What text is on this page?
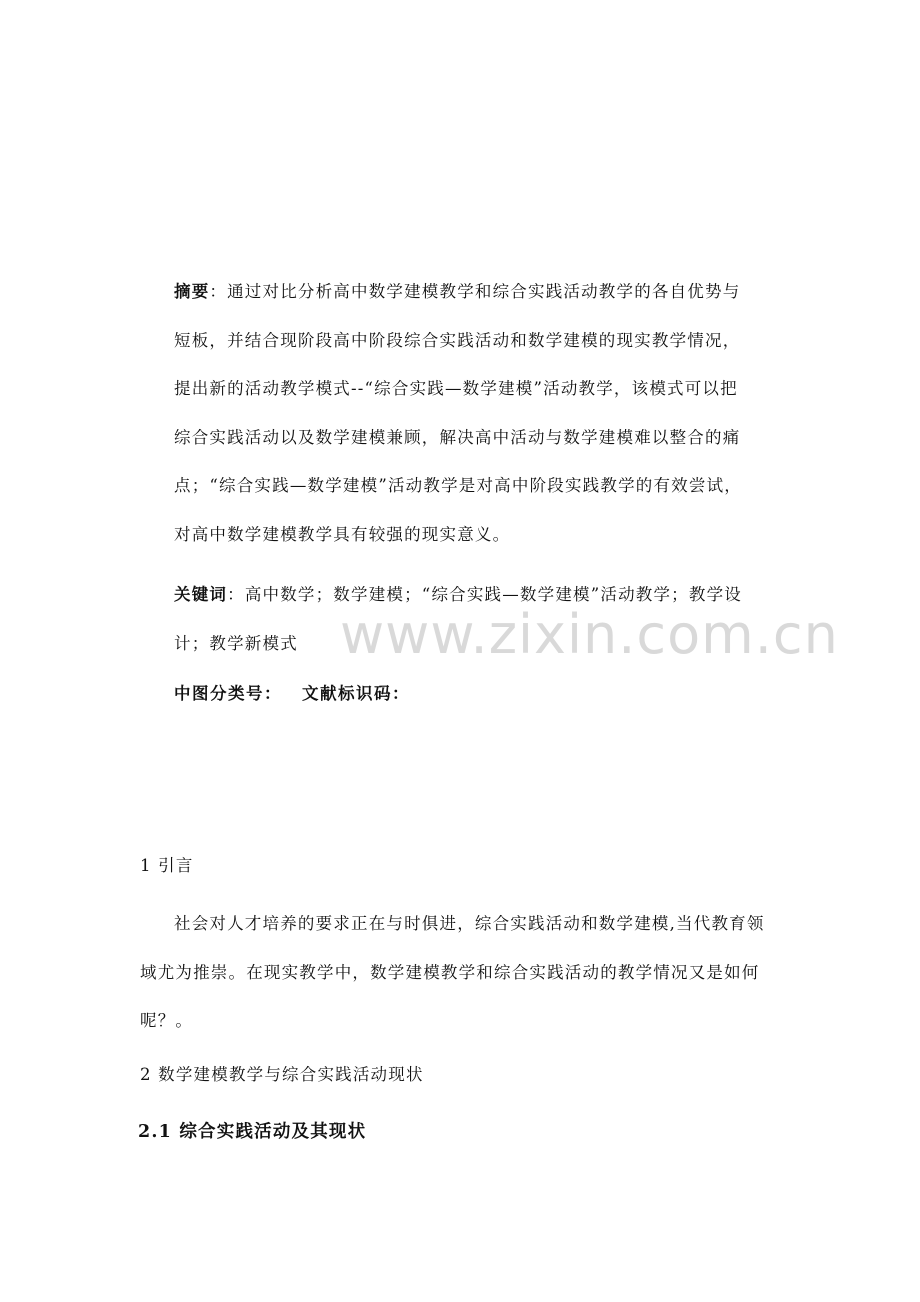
摘要：通过对比分析高中数学建模教学和综合实践活动教学的各自优势与短板，并结合现阶段高中阶段综合实践活动和数学建模的现实教学情况，提出新的活动教学模式--“综合实践—数学建模”活动教学，该模式可以把综合实践活动以及数学建模兼顾，解决高中活动与数学建模难以整合的痛点；“综合实践—数学建模”活动教学是对高中阶段实践教学的有效尝试，对高中数学建模教学具有较强的现实意义。
关键词：高中数学；数学建模；“综合实践—数学建模”活动教学；教学设计；教学新模式
中图分类号： 文献标识码：
1 引言
社会对人才培养的要求正在与时俱进，综合实践活动和数学建模,当代教育领域尤为推崇。在现实教学中，数学建模教学和综合实践活动的教学情况又是如何呢？。
2 数学建模教学与综合实践活动现状
2.1 综合实践活动及其现状
www.zixin.com.cn
